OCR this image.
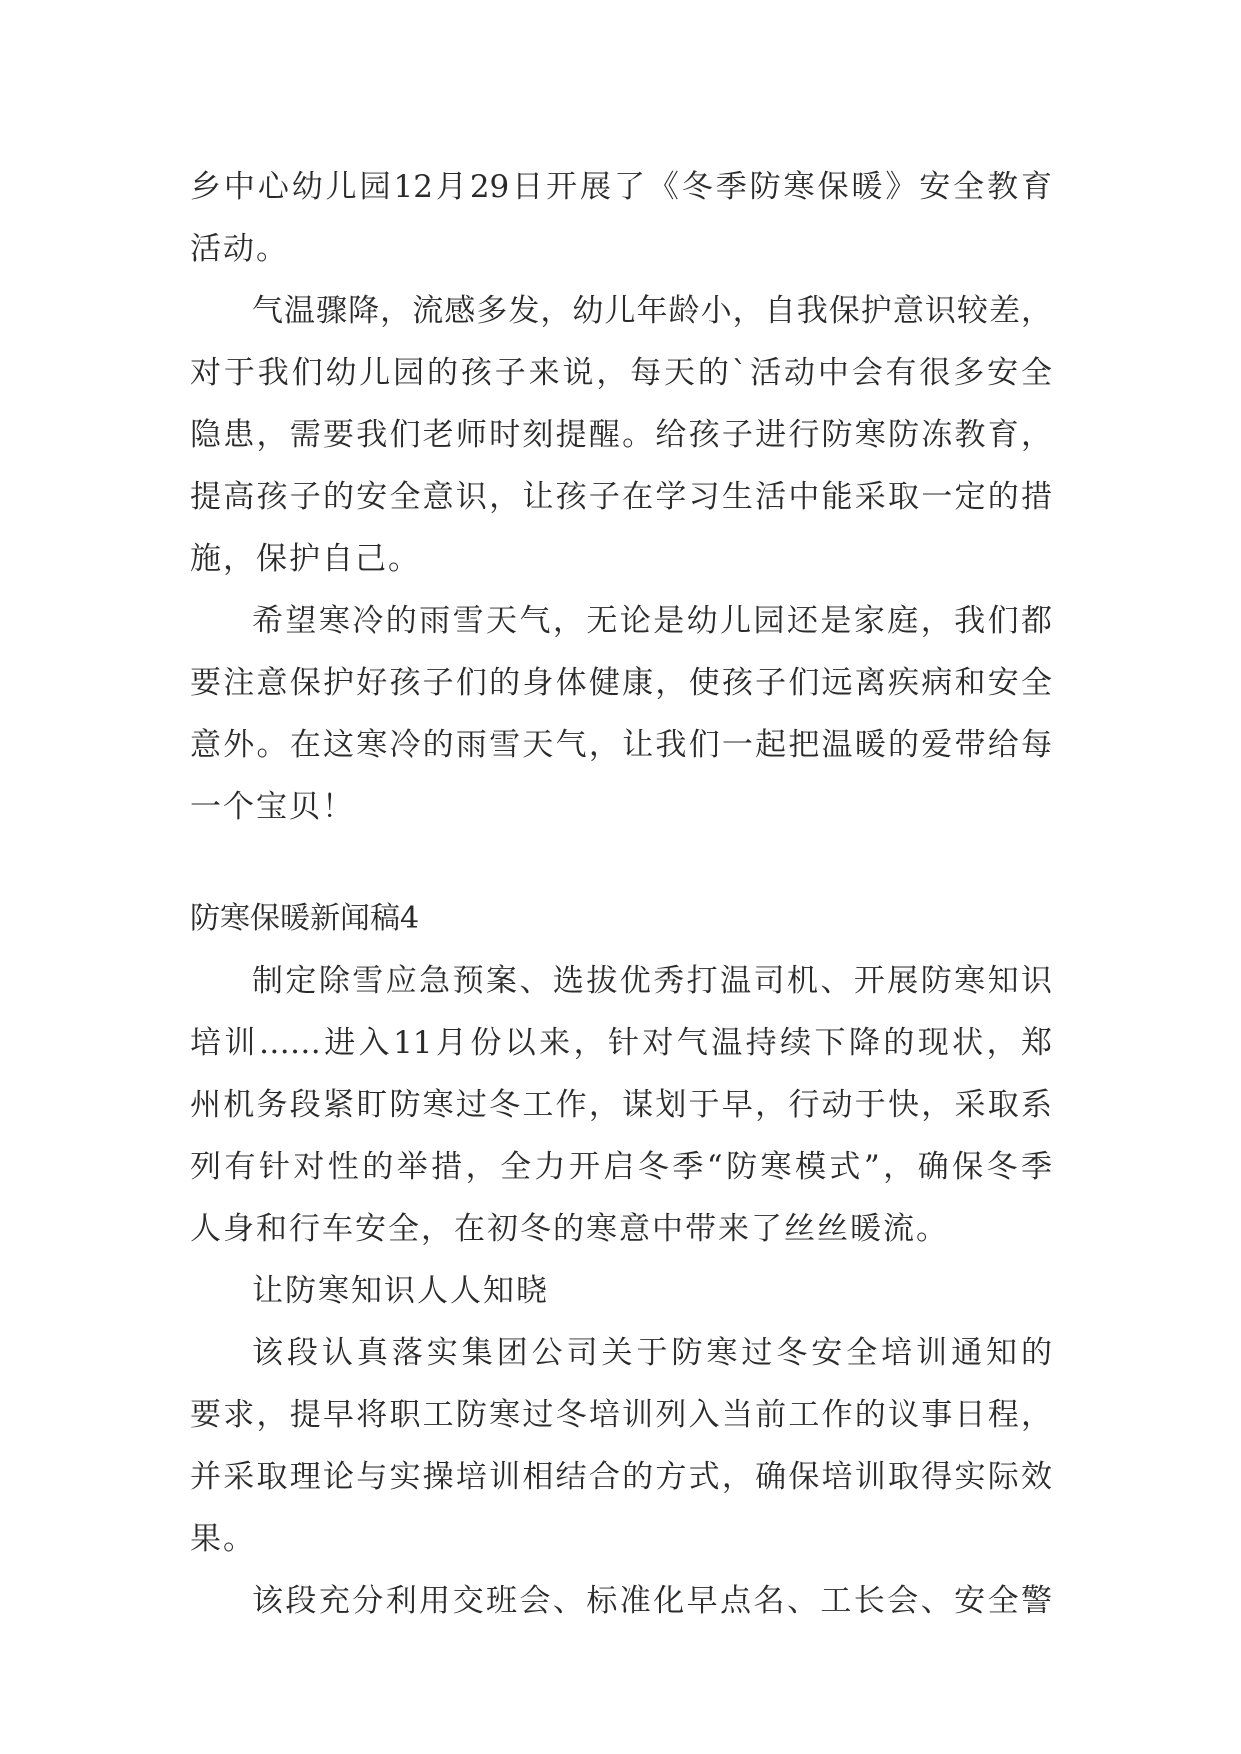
乡中心幼儿园12月29日开展了《冬季防寒保暖》安全教育
活动。
气温骤降，流感多发，幼儿年龄小，自我保护意识较差，
对于我们幼儿园的孩子来说，每天的`活动中会有很多安全
隐患，需要我们老师时刻提醒。给孩子进行防寒防冻教育，
提高孩子的安全意识，让孩子在学习生活中能采取一定的措
施，保护自己。
希望寒冷的雨雪天气，无论是幼儿园还是家庭，我们都
要注意保护好孩子们的身体健康，使孩子们远离疾病和安全
意外。在这寒冷的雨雪天气，让我们一起把温暖的爱带给每
一个宝贝！
防寒保暖新闻稿4
制定除雪应急预案、选拔优秀打温司机、开展防寒知识
培训……进入11月份以来，针对气温持续下降的现状，郑
州机务段紧盯防寒过冬工作，谋划于早，行动于快，采取系
列有针对性的举措，全力开启冬季“防寒模式”，确保冬季
人身和行车安全，在初冬的寒意中带来了丝丝暖流。
让防寒知识人人知晓
该段认真落实集团公司关于防寒过冬安全培训通知的
要求，提早将职工防寒过冬培训列入当前工作的议事日程，
并采取理论与实操培训相结合的方式，确保培训取得实际效
果。
该段充分利用交班会、标准化早点名、工长会、安全警
